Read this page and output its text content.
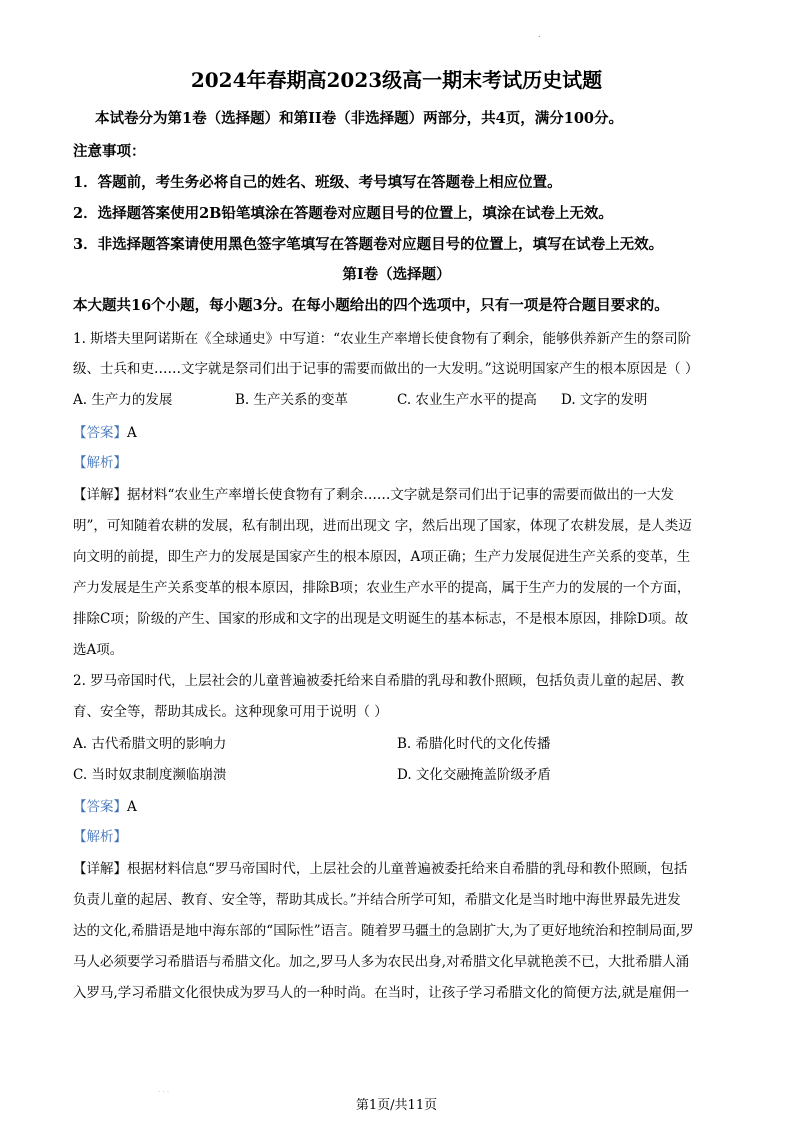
.
2024年春期高2023级高一期末考试历史试题
本试卷分为第1卷（选择题）和第II卷（非选择题）两部分，共4页，满分100分。
注意事项：
1．答题前，考生务必将自己的姓名、班级、考号填写在答题卷上相应位置。
2．选择题答案使用2B铅笔填涂在答题卷对应题目号的位置上，填涂在试卷上无效。
3．非选择题答案请使用黑色签字笔填写在答题卷对应题目号的位置上，填写在试卷上无效。
第Ⅰ卷（选择题）
本大题共16个小题，每小题3分。在每小题给出的四个选项中，只有一项是符合题目要求的。
1. 斯塔夫里阿诺斯在《全球通史》中写道：“农业生产率增长使食物有了剩余，能够供养新产生的祭司阶
级、士兵和吏……文字就是祭司们出于记事的需要而做出的一大发明。”这说明国家产生的根本原因是（ ）
A. 生产力的发展	B. 生产关系的变革	C. 农业生产水平的提高	D. 文字的发明
【答案】A
【解析】
【详解】据材料“农业生产率增长使食物有了剩余……文字就是祭司们出于记事的需要而做出的一大发
明”，可知随着农耕的发展，私有制出现，进而出现文 字，然后出现了国家，体现了农耕发展，是人类迈
向文明的前提，即生产力的发展是国家产生的根本原因，A项正确；生产力发展促进生产关系的变革，生
产力发展是生产关系变革的根本原因，排除B项；农业生产水平的提高，属于生产力的发展的一个方面，
排除C项；阶级的产生、国家的形成和文字的出现是文明诞生的基本标志，不是根本原因，排除D项。故
选A项。
2. 罗马帝国时代，上层社会的儿童普遍被委托给来自希腊的乳母和教仆照顾，包括负责儿童的起居、教
育、安全等，帮助其成长。这种现象可用于说明（ ）
A. 古代希腊文明的影响力	B. 希腊化时代的文化传播
C. 当时奴隶制度濒临崩溃	D. 文化交融掩盖阶级矛盾
【答案】A
【解析】
【详解】根据材料信息“罗马帝国时代，上层社会的儿童普遍被委托给来自希腊的乳母和教仆照顾，包括
负责儿童的起居、教育、安全等，帮助其成长。”并结合所学可知，希腊文化是当时地中海世界最先进发
达的文化,希腊语是地中海东部的“国际性”语言。随着罗马疆土的急剧扩大,为了更好地统治和控制局面,罗
马人必须要学习希腊语与希腊文化。加之,罗马人多为农民出身,对希腊文化早就艳羡不已，大批希腊人涌
入罗马,学习希腊文化很快成为罗马人的一种时尚。在当时，让孩子学习希腊文化的简便方法,就是雇佣一
· · ·
第1页/共11页
